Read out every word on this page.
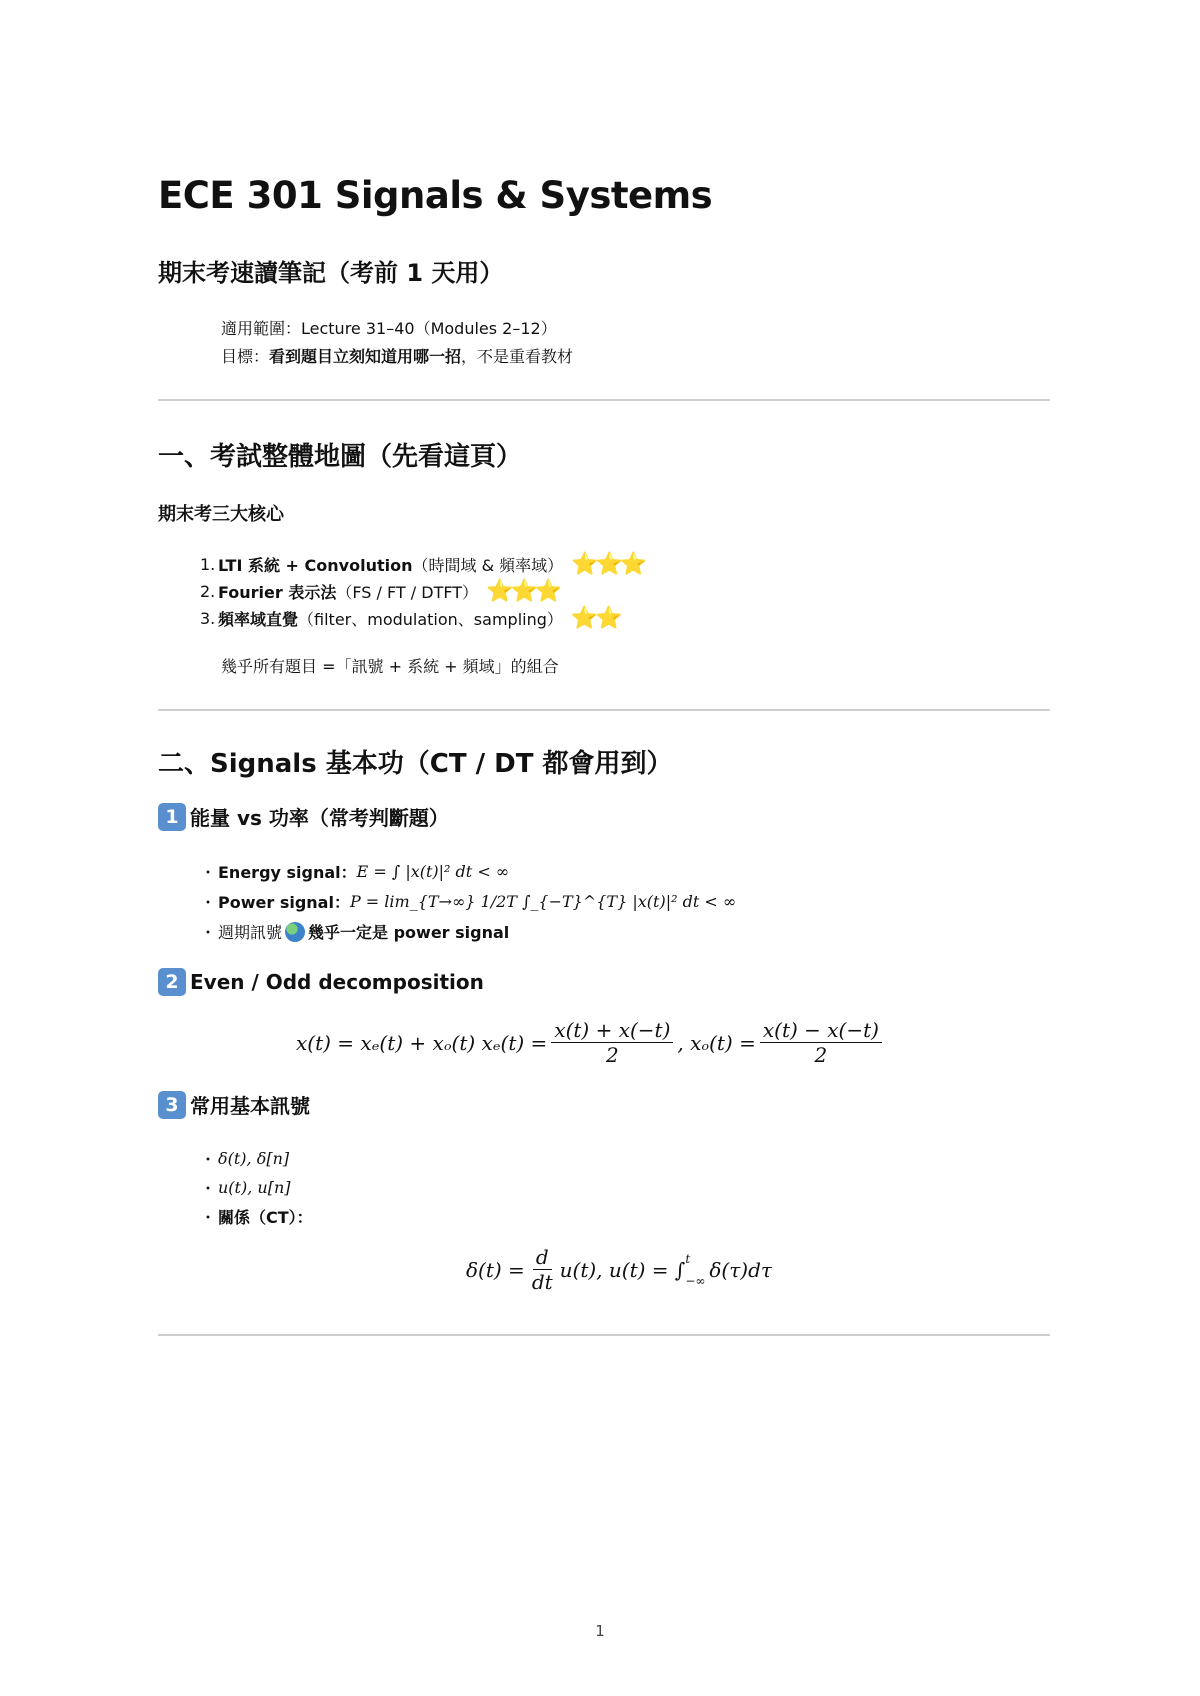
ECE 301 Signals & Systems
期末考速讀筆記（考前 1 天用）
適用範圍：Lecture 31–40（Modules 2–12）
目標：看到題目立刻知道用哪一招，不是重看教材
一、考試整體地圖（先看這頁）
期末考三大核心
1. LTI 系統 + Convolution （時間域 & 頻率域） ⭐⭐⭐
2. Fourier 表示法 （FS / FT / DTFT） ⭐⭐⭐
3. 頻率域直覺 （filter、modulation、sampling） ⭐⭐
幾乎所有題目 =「訊號 + 系統 + 頻域」的組合
二、Signals 基本功（CT / DT 都會用到）
1 能量 vs 功率（常考判斷題）
・ Energy signal： E = ∫ |x(t)|² dt < ∞
・ Power signal： P = lim_{T→∞} 1/2T ∫_{−T}^{T} |x(t)|² dt < ∞
・ 週期訊號 幾乎一定是 power signal
2 Even / Odd decomposition
x(t) = xₑ(t) + xₒ(t) $x_e(t) = \frac{x(t) + x(-t)}{2}$ , $x_o(t) = \frac{x(t) - x(-t)}{2}$
3 常用基本訊號
・ δ(t), δ[n]
・ u(t), u[n]
・ 關係（CT）：
$\delta(t) = \frac{d}{dt} u(t)$, u(t) = ∫ t
−∞ δ(τ)dτ
1
